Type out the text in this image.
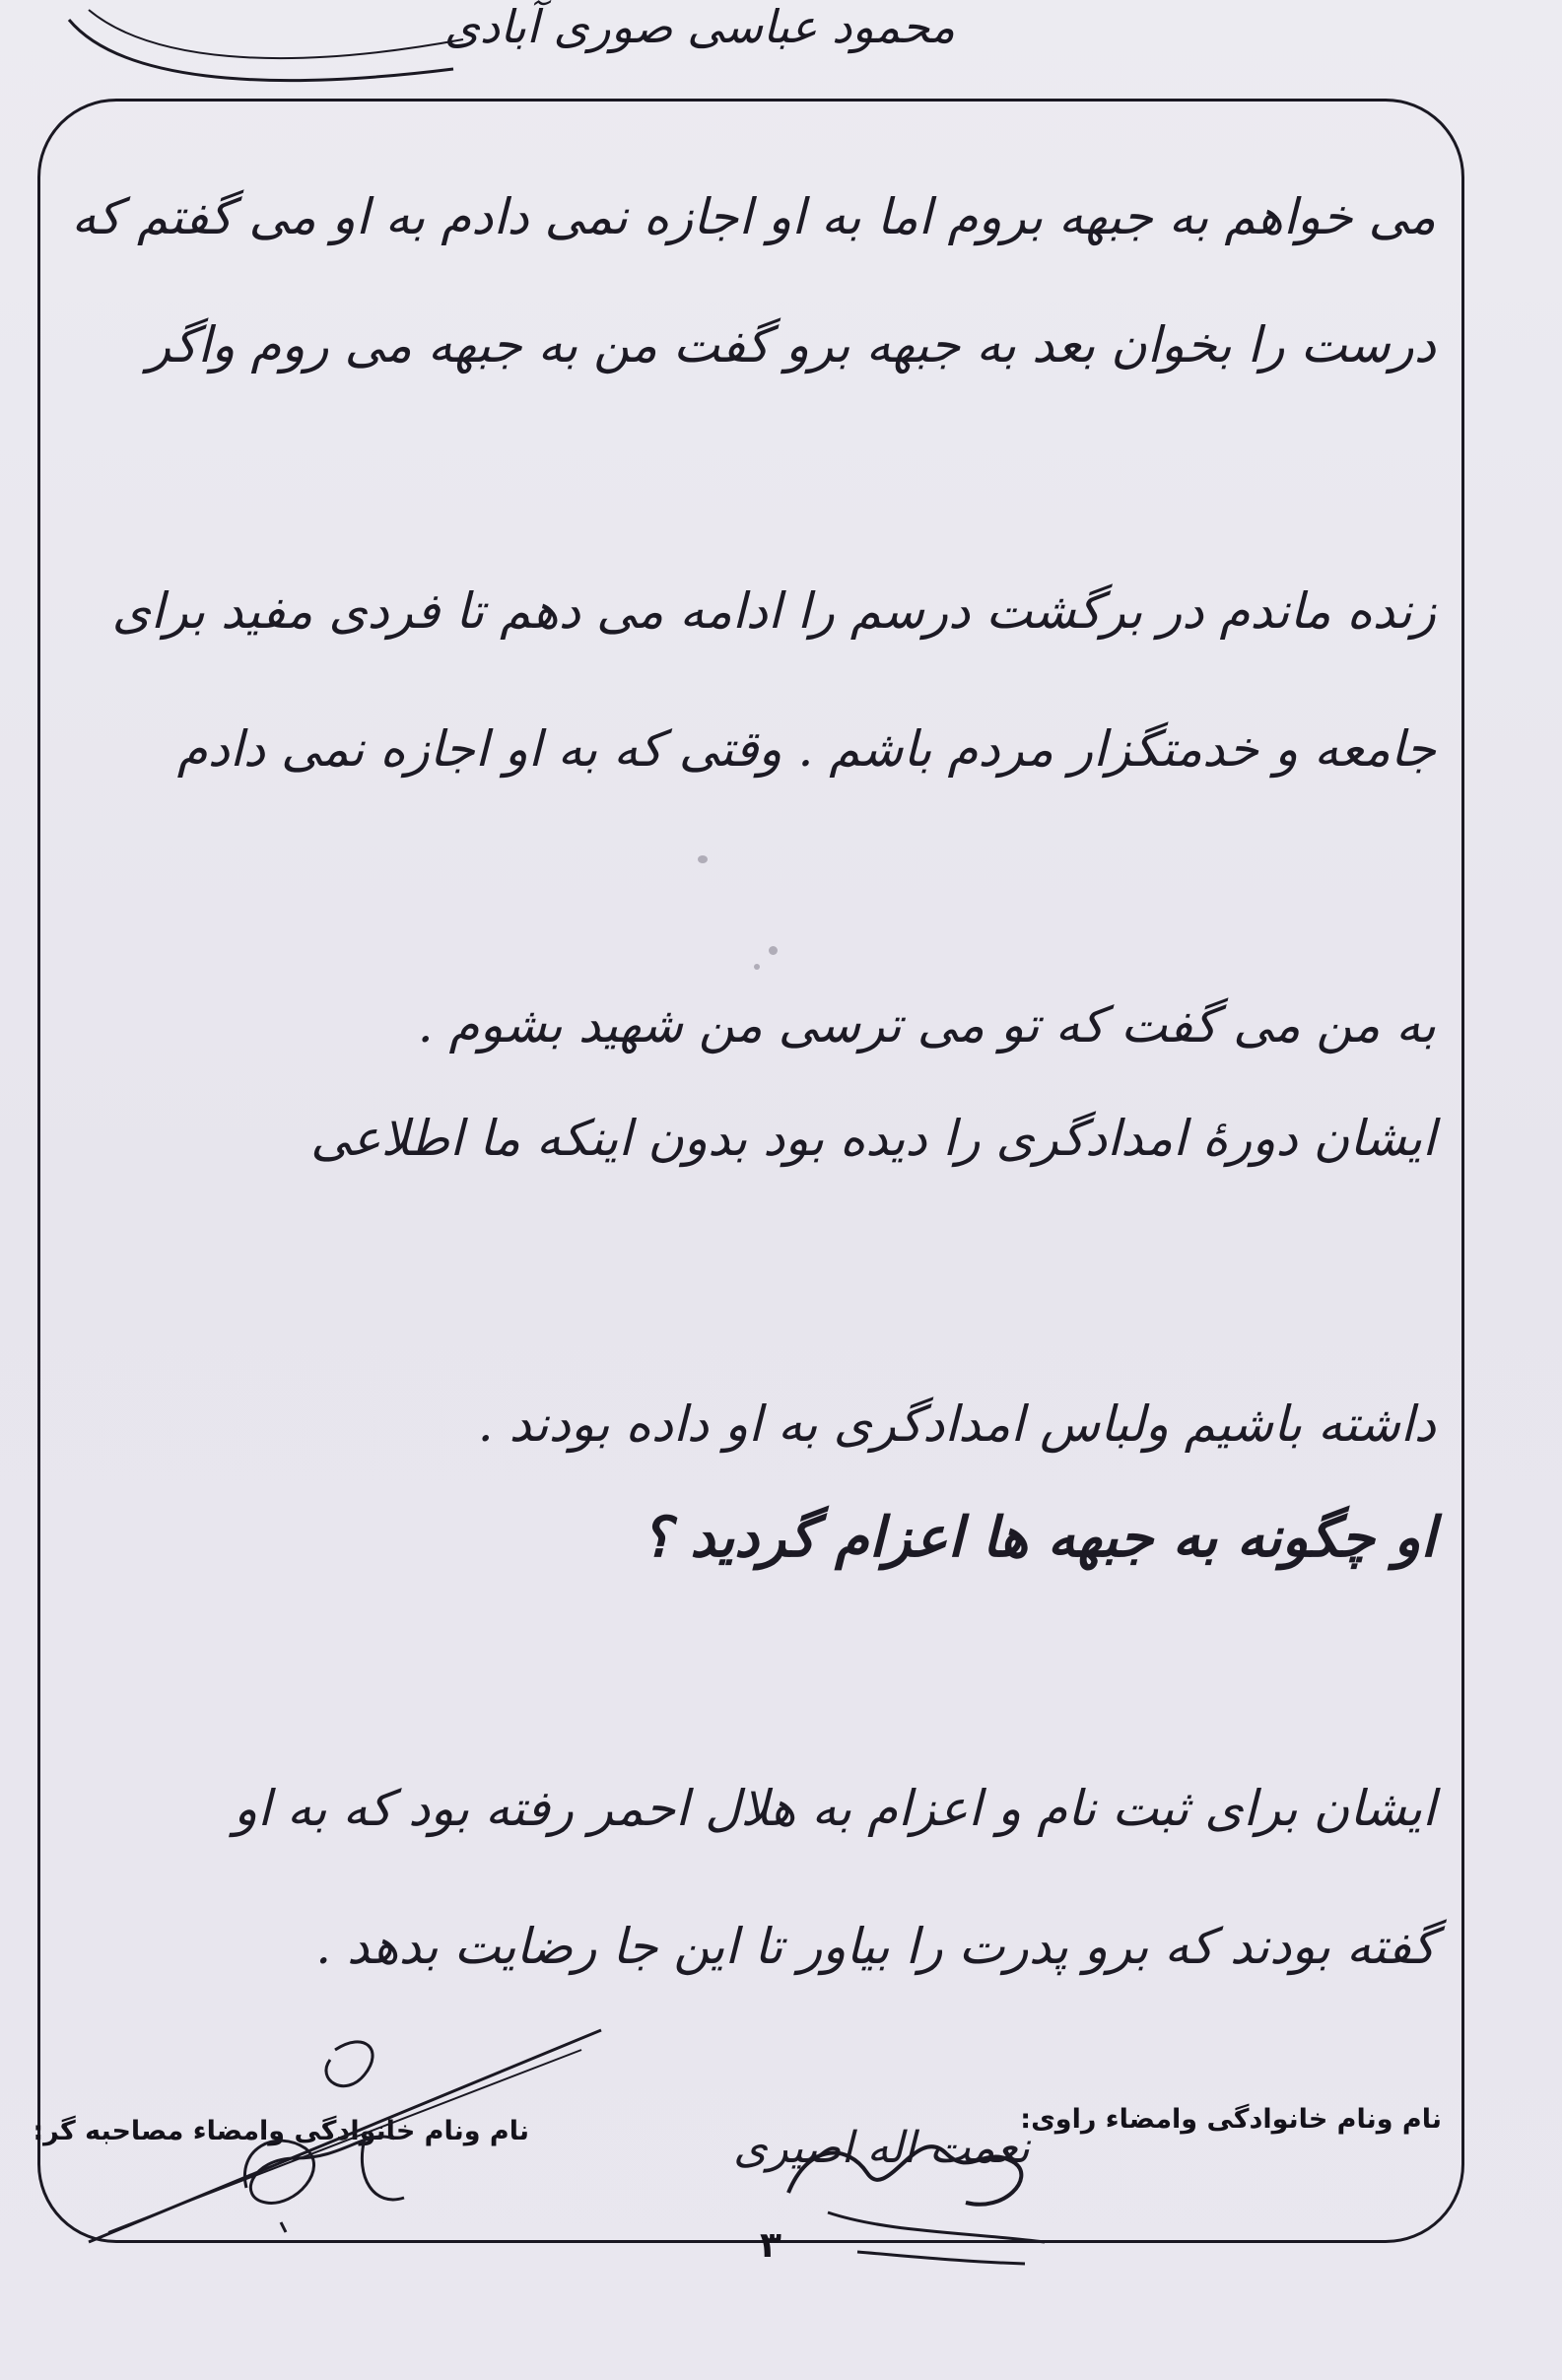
محمود عباسی صوری آبادی
می خواهم به جبهه بروم اما به او اجازه نمی دادم به او می گفتم که
درست را بخوان بعد به جبهه برو گفت من به جبهه می روم واگر
زنده ماندم در برگشت درسم را ادامه می دهم تا فردی مفید برای
جامعه و خدمتگزار مردم باشم . وقتی که به او اجازه نمی دادم
به من می گفت که تو می ترسی من شهید بشوم .
ایشان دورهٔ امدادگری را دیده بود بدون اینکه ما اطلاعی
داشته باشیم ولباس امدادگری به او داده بودند .
او چگونه به جبهه ها اعزام گردید ؟
ایشان برای ثبت نام و اعزام به هلال احمر رفته بود که به او
گفته بودند که برو پدرت را بیاور تا این جا رضایت بدهد .
نام ونام خانوادگی وامضاء راوی:
نعمت اله اصیری
نام ونام خانوادگی وامضاء مصاحبه گر:
٣
